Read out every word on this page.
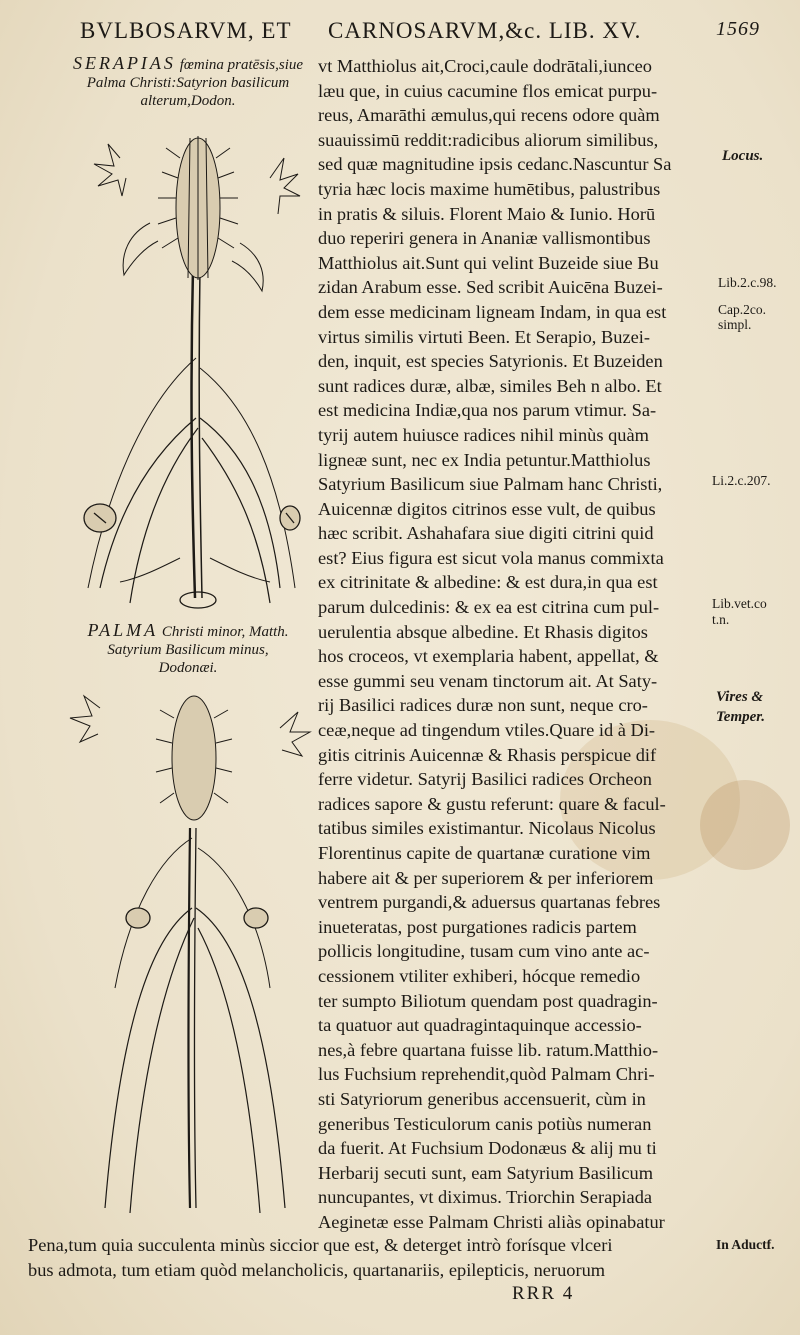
BVLBOSARVM, ET CARNOSARVM,&c. LIB. XV.	1569
SERAPIAS fœmina pratēsis,siue
Palma Christi:Satyrion basilicum
alterum,Dodon.
PALMA Christi minor, Matth.
Satyrium Basilicum minus,
Dodonæi.
vt Matthiolus ait,Croci,caule dodrātali,iunceo
læu que, in cuius cacumine flos emicat purpu-
reus, Amarāthi æmulus,qui recens odore quàm
suauissimū reddit:radicibus aliorum similibus,
sed quæ magnitudine ipsis cedanc.Nascuntur Sa
tyria hæc locis maxime humētibus, palustribus
in pratis & siluis. Florent Maio & Iunio. Horū
duo reperiri genera in Ananiæ vallismontibus
Matthiolus ait.Sunt qui velint Buzeide siue Bu
zidan Arabum esse. Sed scribit Auicēna Buzei-
dem esse medicinam ligneam Indam, in qua est
virtus similis virtuti Been. Et Serapio, Buzei-
den, inquit, est species Satyrionis. Et Buzeiden
sunt radices duræ, albæ, similes Beh n albo. Et
est medicina Indiæ,qua nos parum vtimur. Sa-
tyrij autem huiusce radices nihil minùs quàm
ligneæ sunt, nec ex India petuntur.Matthiolus
Satyrium Basilicum siue Palmam hanc Christi,
Auicennæ digitos citrinos esse vult, de quibus
hæc scribit. Ashahafara siue digiti citrini quid
est? Eius figura est sicut vola manus commixta
ex citrinitate & albedine: & est dura,in qua est
parum dulcedinis: & ex ea est citrina cum pul-
uerulentia absque albedine. Et Rhasis digitos
hos croceos, vt exemplaria habent, appellat, &
esse gummi seu venam tinctorum ait. At Saty-
rij Basilici radices duræ non sunt, neque cro-
ceæ,neque ad tingendum vtiles.Quare id à Di-
gitis citrinis Auicennæ & Rhasis perspicue dif
ferre videtur. Satyrij Basilici radices Orcheon
radices sapore & gustu referunt: quare & facul-
tatibus similes existimantur. Nicolaus Nicolus
Florentinus capite de quartanæ curatione vim
habere ait & per superiorem & per inferiorem
ventrem purgandi,& aduersus quartanas febres
inueteratas, post purgationes radicis partem
pollicis longitudine, tusam cum vino ante ac-
cessionem vtiliter exhiberi, hócque remedio
ter sumpto Biliotum quendam post quadragin-
ta quatuor aut quadragintaquinque accessio-
nes,à febre quartana fuisse lib. ratum.Matthio-
lus Fuchsium reprehendit,quòd Palmam Chri-
sti Satyriorum generibus accensuerit, cùm in
generibus Testiculorum canis potiùs numeran
da fuerit. At Fuchsium Dodonæus & alij mu ti
Herbarij secuti sunt, eam Satyrium Basilicum
nuncupantes, vt diximus. Triorchin Serapiada
Aeginetæ esse Palmam Christi aliàs opinabatur
Pena,tum quia succulenta minùs siccior que est, & deterget intrò forísque vlceri
bus admota, tum etiam quòd melancholicis, quartanariis, epilepticis, neruorum
RRR 4
Locus.
Lib.2.c.98.
Cap.2co.
simpl.
Li.2.c.207.
Lib.vet.co
t.n.
Vires &
Temper.
In Aductf.
